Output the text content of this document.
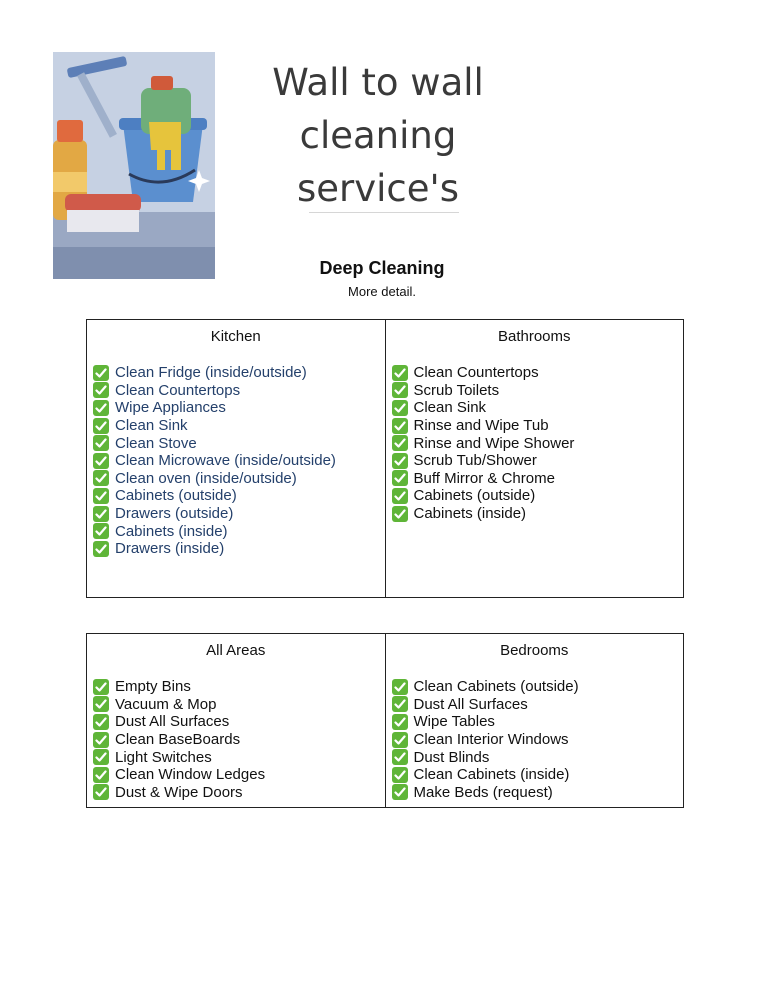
Wall to wall
cleaning
service's
Deep Cleaning
More detail.
Kitchen
Clean Fridge (inside/outside)
Clean Countertops
Wipe Appliances
Clean Sink
Clean Stove
Clean Microwave (inside/outside)
Clean oven (inside/outside)
Cabinets (outside)
Drawers (outside)
Cabinets (inside)
Drawers (inside)
Bathrooms
Clean Countertops
Scrub Toilets
Clean Sink
Rinse and Wipe Tub
Rinse and Wipe Shower
Scrub Tub/Shower
Buff Mirror & Chrome
Cabinets (outside)
Cabinets (inside)
All Areas
Empty Bins
Vacuum & Mop
Dust All Surfaces
Clean BaseBoards
Light Switches
Clean Window Ledges
Dust & Wipe Doors
Bedrooms
Clean Cabinets (outside)
Dust All Surfaces
Wipe Tables
Clean Interior Windows
Dust Blinds
Clean Cabinets (inside)
Make Beds (request)
